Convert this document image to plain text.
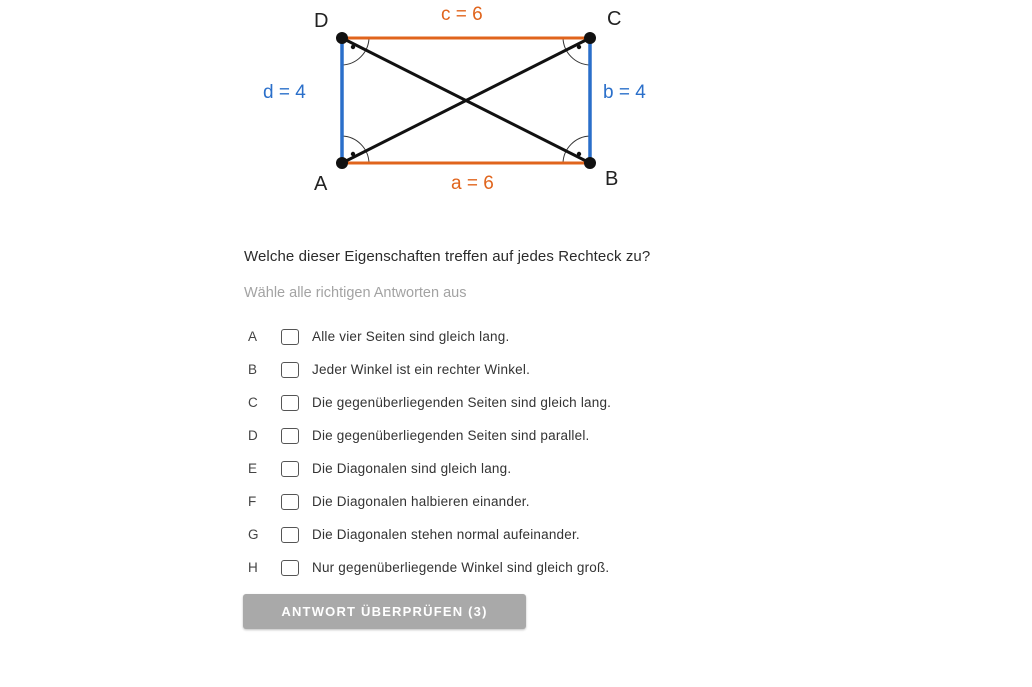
D	C
A	B
c = 6
a = 6
d = 4	b = 4
Welche dieser Eigenschaften treffen auf jedes Rechteck zu?
Wähle alle richtigen Antworten aus
A	Alle vier Seiten sind gleich lang.
B	Jeder Winkel ist ein rechter Winkel.
C	Die gegenüberliegenden Seiten sind gleich lang.
D	Die gegenüberliegenden Seiten sind parallel.
E	Die Diagonalen sind gleich lang.
F	Die Diagonalen halbieren einander.
G	Die Diagonalen stehen normal aufeinander.
H	Nur gegenüberliegende Winkel sind gleich groß.
ANTWORT ÜBERPRÜFEN (3)
